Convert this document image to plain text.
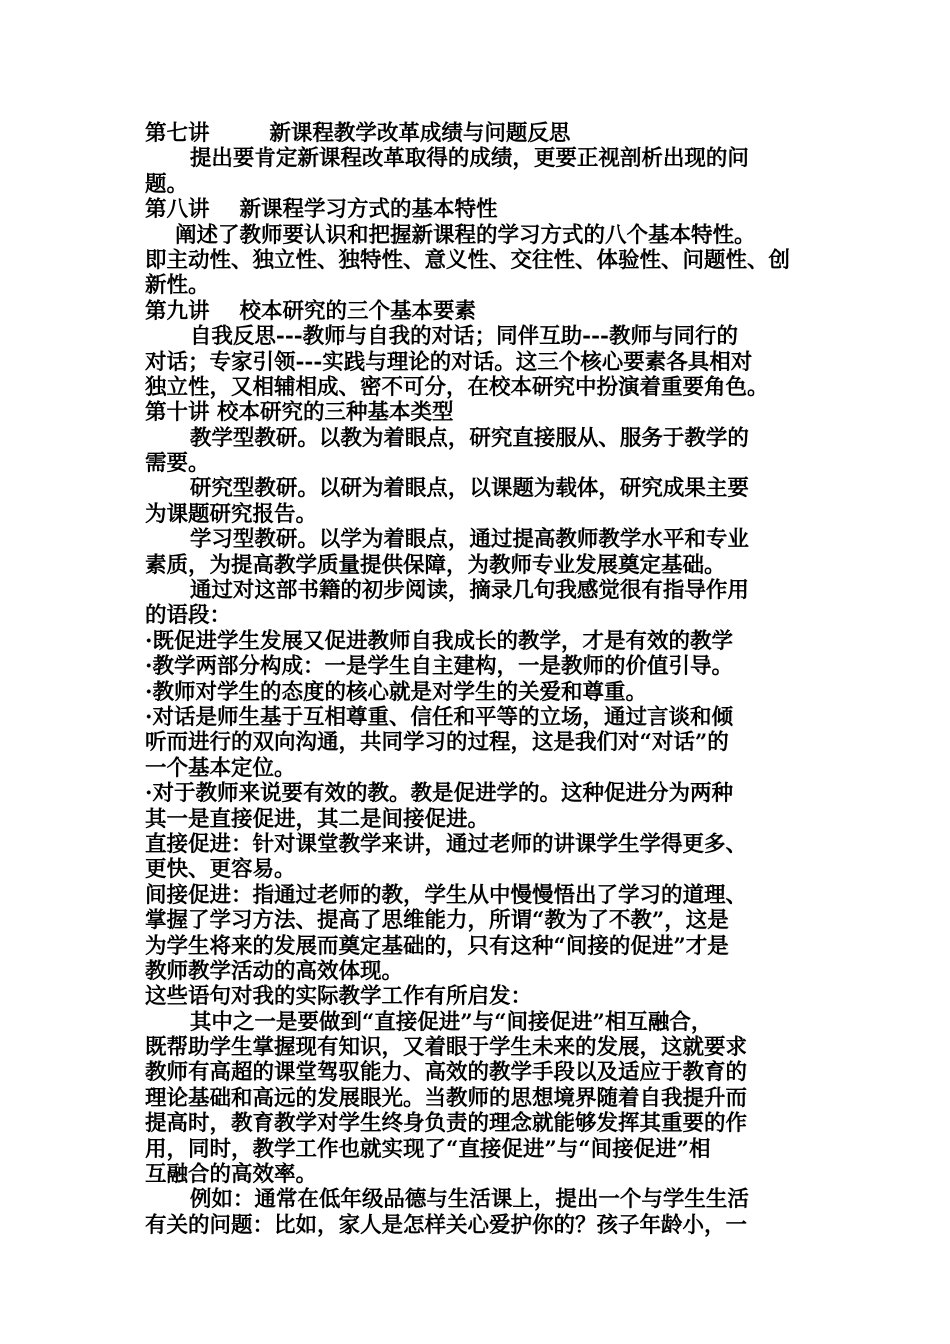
第七讲        新课程教学改革成绩与问题反思
提出要肯定新课程改革取得的成绩，更要正视剖析出现的问
题。
第八讲    新课程学习方式的基本特性
阐述了教师要认识和把握新课程的学习方式的八个基本特性。
即主动性、独立性、独特性、意义性、交往性、体验性、问题性、创
新性。
第九讲    校本研究的三个基本要素
自我反思---教师与自我的对话；同伴互助---教师与同行的
对话；专家引领---实践与理论的对话。这三个核心要素各具相对
独立性，又相辅相成、密不可分，在校本研究中扮演着重要角色。
第十讲 校本研究的三种基本类型
教学型教研。以教为着眼点，研究直接服从、服务于教学的
需要。
研究型教研。以研为着眼点，以课题为载体，研究成果主要
为课题研究报告。
学习型教研。以学为着眼点，通过提高教师教学水平和专业
素质，为提高教学质量提供保障，为教师专业发展奠定基础。
通过对这部书籍的初步阅读，摘录几句我感觉很有指导作用
的语段：
·既促进学生发展又促进教师自我成长的教学，才是有效的教学
·教学两部分构成：一是学生自主建构，一是教师的价值引导。
·教师对学生的态度的核心就是对学生的关爱和尊重。
·对话是师生基于互相尊重、信任和平等的立场，通过言谈和倾
听而进行的双向沟通，共同学习的过程，这是我们对“对话”的
一个基本定位。
·对于教师来说要有效的教。教是促进学的。这种促进分为两种
其一是直接促进，其二是间接促进。
直接促进：针对课堂教学来讲，通过老师的讲课学生学得更多、
更快、更容易。
间接促进：指通过老师的教，学生从中慢慢悟出了学习的道理、
掌握了学习方法、提高了思维能力，所谓“教为了不教”，这是
为学生将来的发展而奠定基础的，只有这种“间接的促进”才是
教师教学活动的高效体现。
这些语句对我的实际教学工作有所启发：
其中之一是要做到“直接促进”与“间接促进”相互融合，
既帮助学生掌握现有知识，又着眼于学生未来的发展，这就要求
教师有高超的课堂驾驭能力、高效的教学手段以及适应于教育的
理论基础和高远的发展眼光。当教师的思想境界随着自我提升而
提高时，教育教学对学生终身负责的理念就能够发挥其重要的作
用，同时，教学工作也就实现了“直接促进”与“间接促进”相
互融合的高效率。
例如：通常在低年级品德与生活课上，提出一个与学生生活
有关的问题：比如，家人是怎样关心爱护你的？孩子年龄小，一
